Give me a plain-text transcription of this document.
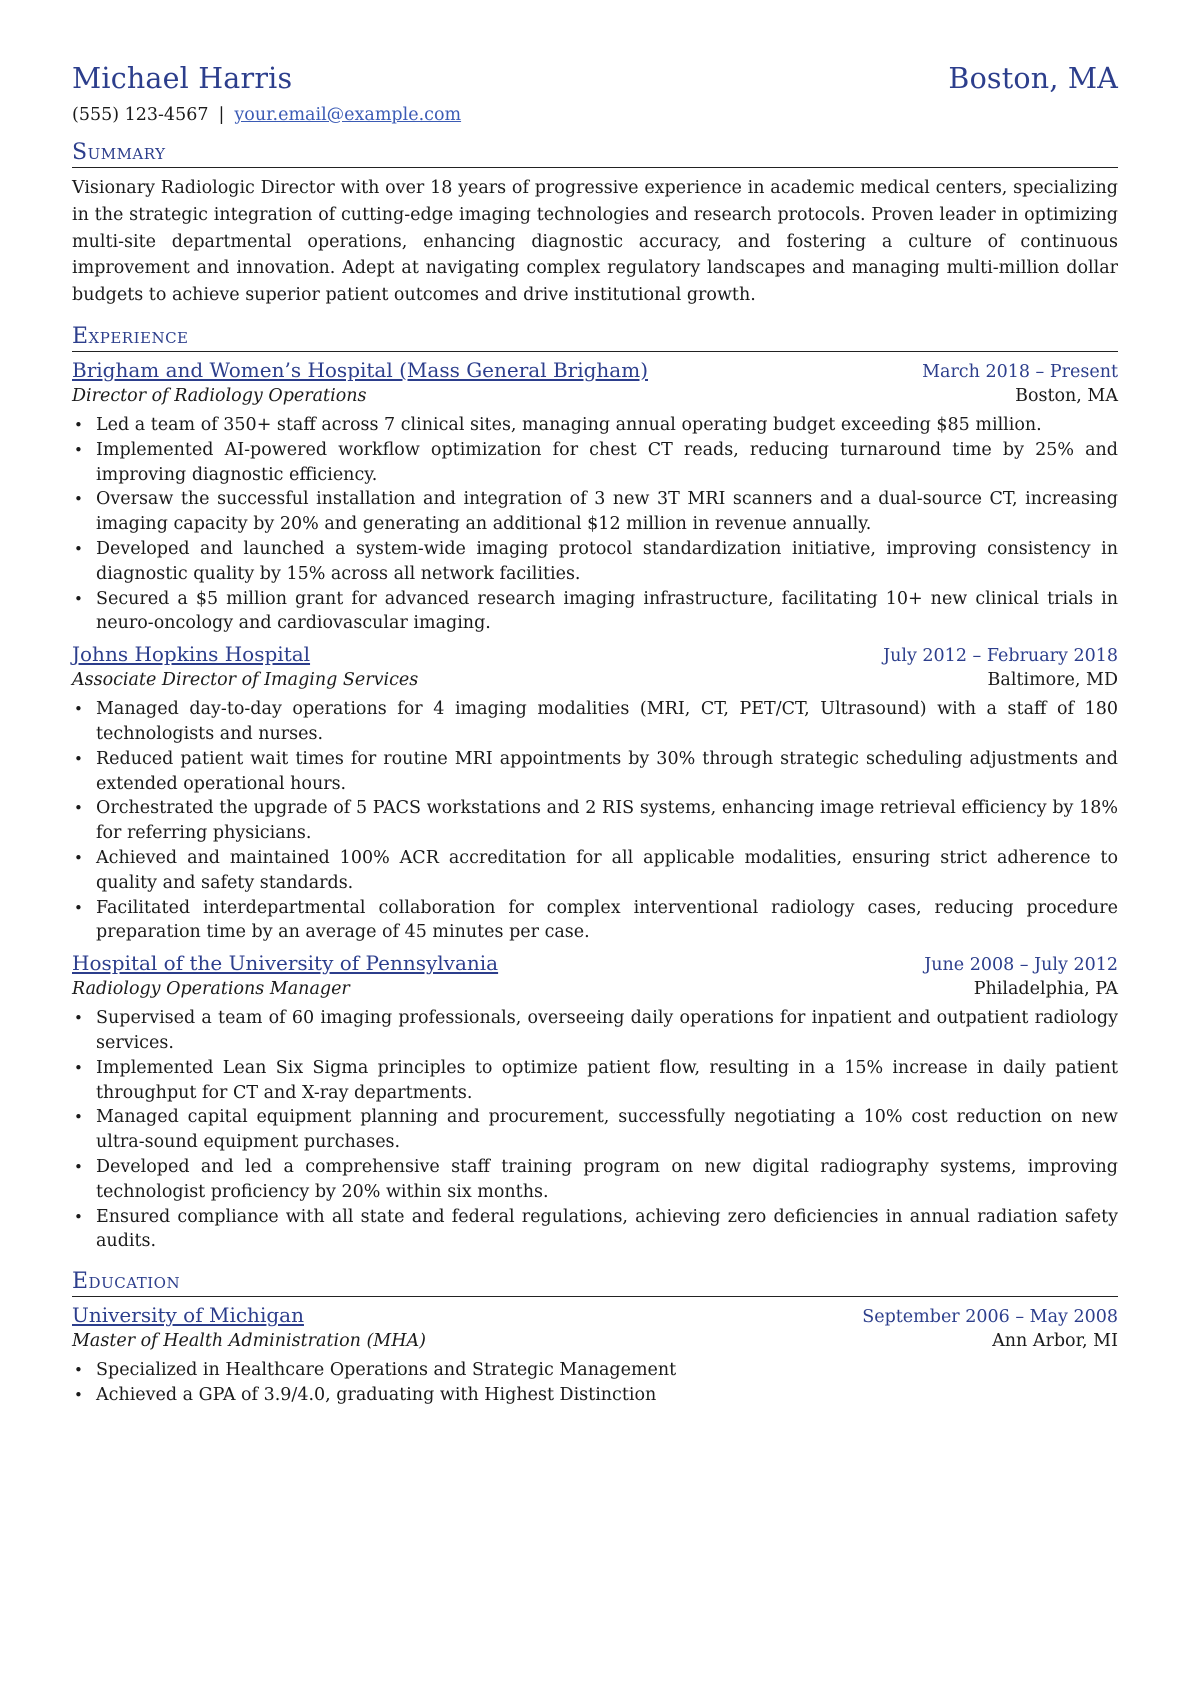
Michael Harris	Boston, MA
(555) 123-4567 | your.email@example.com
Summary
Visionary Radiologic Director with over 18 years of progressive experience in academic medical centers, specializing in the strategic integration of cutting-edge imaging technologies and research protocols. Proven leader in optimizing multi-site departmental operations, enhancing diagnostic accuracy, and fostering a culture of continuous improvement and innovation. Adept at navigating complex regulatory landscapes and managing multi-million dollar budgets to achieve superior patient outcomes and drive institutional growth.
Experience
Brigham and Women’s Hospital (Mass General Brigham)	March 2018 – Present
Director of Radiology Operations	Boston, MA
• Led a team of 350+ staff across 7 clinical sites, managing annual operating budget exceeding $85 million.
• Implemented AI-powered workflow optimization for chest CT reads, reducing turnaround time by 25% and improving diagnostic efficiency.
• Oversaw the successful installation and integration of 3 new 3T MRI scanners and a dual-source CT, increasing imaging capacity by 20% and generating an additional $12 million in revenue annually.
• Developed and launched a system-wide imaging protocol standardization initiative, improving consistency in diagnostic quality by 15% across all network facilities.
• Secured a $5 million grant for advanced research imaging infrastructure, facilitating 10+ new clinical trials in neuro-oncology and cardiovascular imaging.
Johns Hopkins Hospital	July 2012 – February 2018
Associate Director of Imaging Services	Baltimore, MD
• Managed day-to-day operations for 4 imaging modalities (MRI, CT, PET/CT, Ultrasound) with a staff of 180 technologists and nurses.
• Reduced patient wait times for routine MRI appointments by 30% through strategic scheduling adjustments and extended operational hours.
• Orchestrated the upgrade of 5 PACS workstations and 2 RIS systems, enhancing image retrieval efficiency by 18% for referring physicians.
• Achieved and maintained 100% ACR accreditation for all applicable modalities, ensuring strict adherence to quality and safety standards.
• Facilitated interdepartmental collaboration for complex interventional radiology cases, reducing procedure preparation time by an average of 45 minutes per case.
Hospital of the University of Pennsylvania	June 2008 – July 2012
Radiology Operations Manager	Philadelphia, PA
• Supervised a team of 60 imaging professionals, overseeing daily operations for inpatient and outpatient radiology services.
• Implemented Lean Six Sigma principles to optimize patient flow, resulting in a 15% increase in daily patient throughput for CT and X-ray departments.
• Managed capital equipment planning and procurement, successfully negotiating a 10% cost reduction on new ultra-sound equipment purchases.
• Developed and led a comprehensive staff training program on new digital radiography systems, improving technologist proficiency by 20% within six months.
• Ensured compliance with all state and federal regulations, achieving zero deficiencies in annual radiation safety audits.
Education
University of Michigan	September 2006 – May 2008
Master of Health Administration (MHA)	Ann Arbor, MI
• Specialized in Healthcare Operations and Strategic Management
• Achieved a GPA of 3.9/4.0, graduating with Highest Distinction
